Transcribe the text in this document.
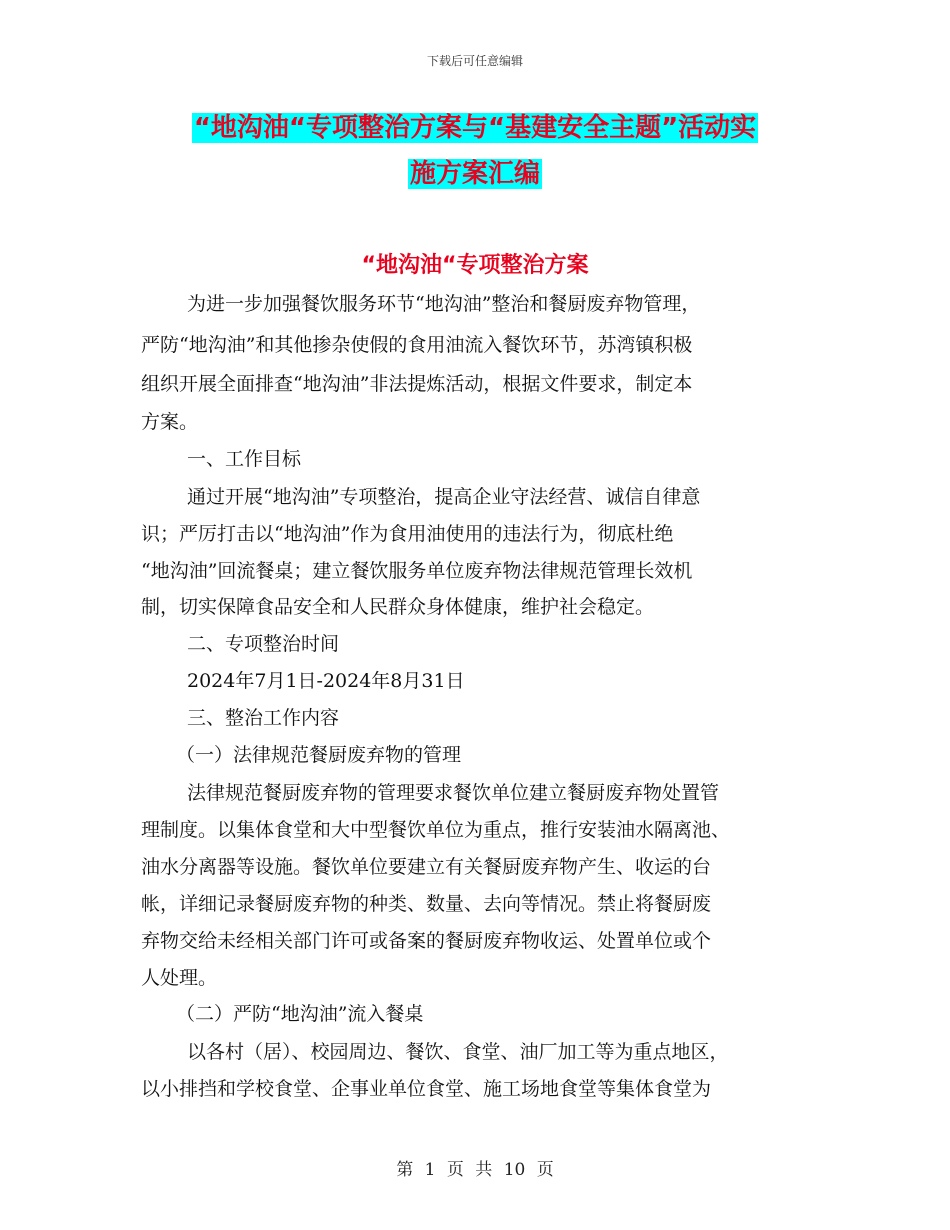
下载后可任意编辑
“地沟油“专项整治方案与“基建安全主题”活动实
施方案汇编
“地沟油“专项整治方案
为进一步加强餐饮服务环节“地沟油”整治和餐厨废弃物管理，
严防“地沟油”和其他掺杂使假的食用油流入餐饮环节，苏湾镇积极
组织开展全面排查“地沟油”非法提炼活动，根据文件要求，制定本
方案。
一、工作目标
通过开展“地沟油”专项整治，提高企业守法经营、诚信自律意
识；严厉打击以“地沟油”作为食用油使用的违法行为，彻底杜绝
“地沟油”回流餐桌；建立餐饮服务单位废弃物法律规范管理长效机
制，切实保障食品安全和人民群众身体健康，维护社会稳定。
二、专项整治时间
2024年7月1日-2024年8月31日
三、整治工作内容
（一）法律规范餐厨废弃物的管理
法律规范餐厨废弃物的管理要求餐饮单位建立餐厨废弃物处置管
理制度。以集体食堂和大中型餐饮单位为重点，推行安装油水隔离池、
油水分离器等设施。餐饮单位要建立有关餐厨废弃物产生、收运的台
帐，详细记录餐厨废弃物的种类、数量、去向等情况。禁止将餐厨废
弃物交给未经相关部门许可或备案的餐厨废弃物收运、处置单位或个
人处理。
（二）严防“地沟油”流入餐桌
以各村（居）、校园周边、餐饮、食堂、油厂加工等为重点地区，
以小排挡和学校食堂、企事业单位食堂、施工场地食堂等集体食堂为
第 1 页 共 10 页
